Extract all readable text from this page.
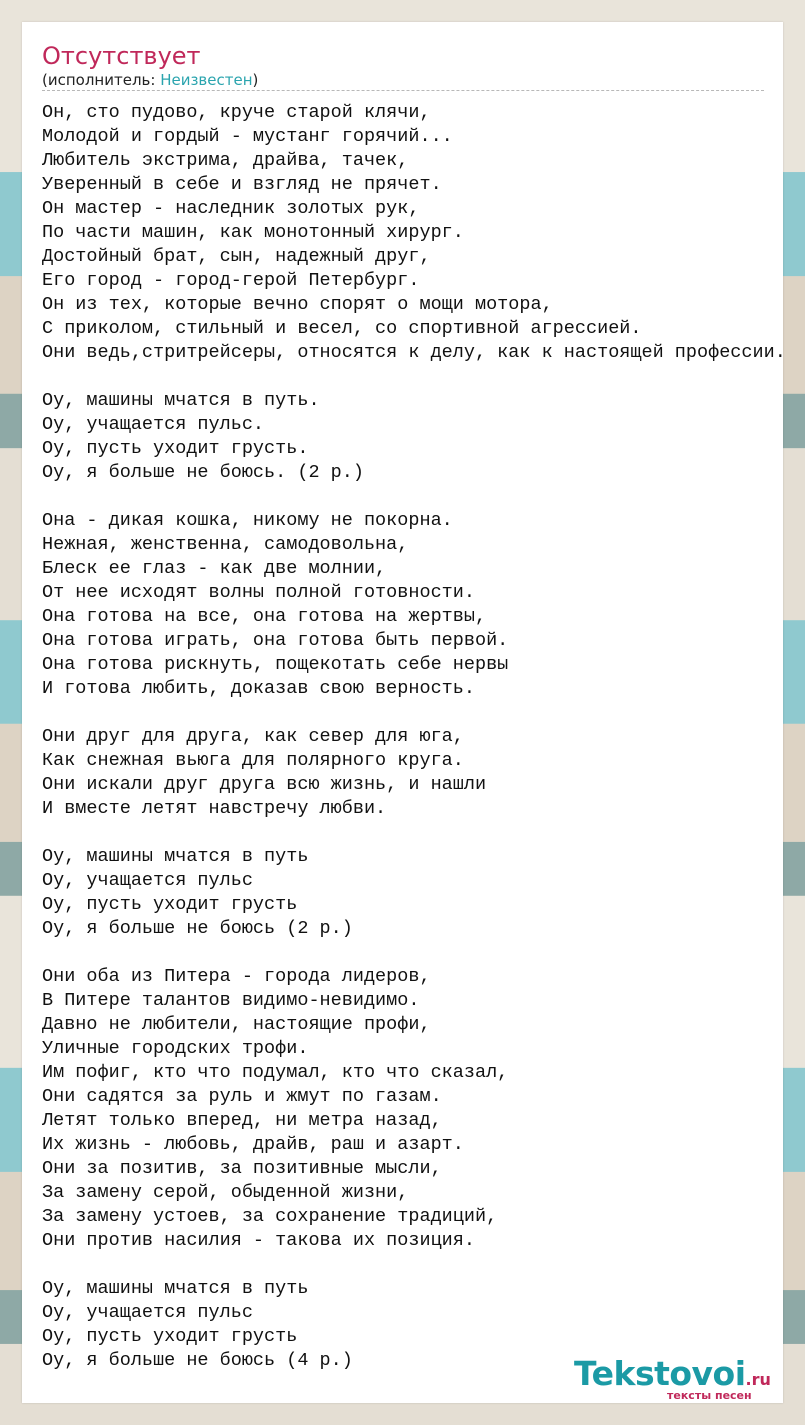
Отсутствует
(исполнитель: Неизвестен)
Он, сто пудово, круче старой клячи,
Молодой и гордый - мустанг горячий...
Любитель экстрима, драйва, тачек,
Уверенный в себе и взгляд не прячет.
Он мастер - наследник золотых рук,
По части машин, как монотонный хирург.
Достойный брат, сын, надежный друг,
Его город - город-герой Петербург.
Он из тех, которые вечно спорят о мощи мотора,
С приколом, стильный и весел, со спортивной агрессией.
Они ведь,стритрейсеры, относятся к делу, как к настоящей профессии.

Оу, машины мчатся в путь.
Оу, учащается пульс.
Оу, пусть уходит грусть.
Оу, я больше не боюсь. (2 р.)

Она - дикая кошка, никому не покорна.
Нежная, женственна, самодовольна,
Блеск ее глаз - как две молнии,
От нее исходят волны полной готовности.
Она готова на все, она готова на жертвы,
Она готова играть, она готова быть первой.
Она готова рискнуть, пощекотать себе нервы
И готова любить, доказав свою верность.

Они друг для друга, как север для юга,
Как снежная вьюга для полярного круга.
Они искали друг друга всю жизнь, и нашли
И вместе летят навстречу любви.

Оу, машины мчатся в путь
Оу, учащается пульс
Оу, пусть уходит грусть
Оу, я больше не боюсь (2 р.)

Они оба из Питера - города лидеров,
В Питере талантов видимо-невидимо.
Давно не любители, настоящие профи,
Уличные городских трофи.
Им пофиг, кто что подумал, кто что сказал,
Они садятся за руль и жмут по газам.
Летят только вперед, ни метра назад,
Их жизнь - любовь, драйв, раш и азарт.
Они за позитив, за позитивные мысли,
За замену серой, обыденной жизни,
За замену устоев, за сохранение традиций,
Они против насилия - такова их позиция.

Оу, машины мчатся в путь
Оу, учащается пульс
Оу, пусть уходит грусть
Оу, я больше не боюсь (4 р.)	Tekstovoi.ru
тексты песен
